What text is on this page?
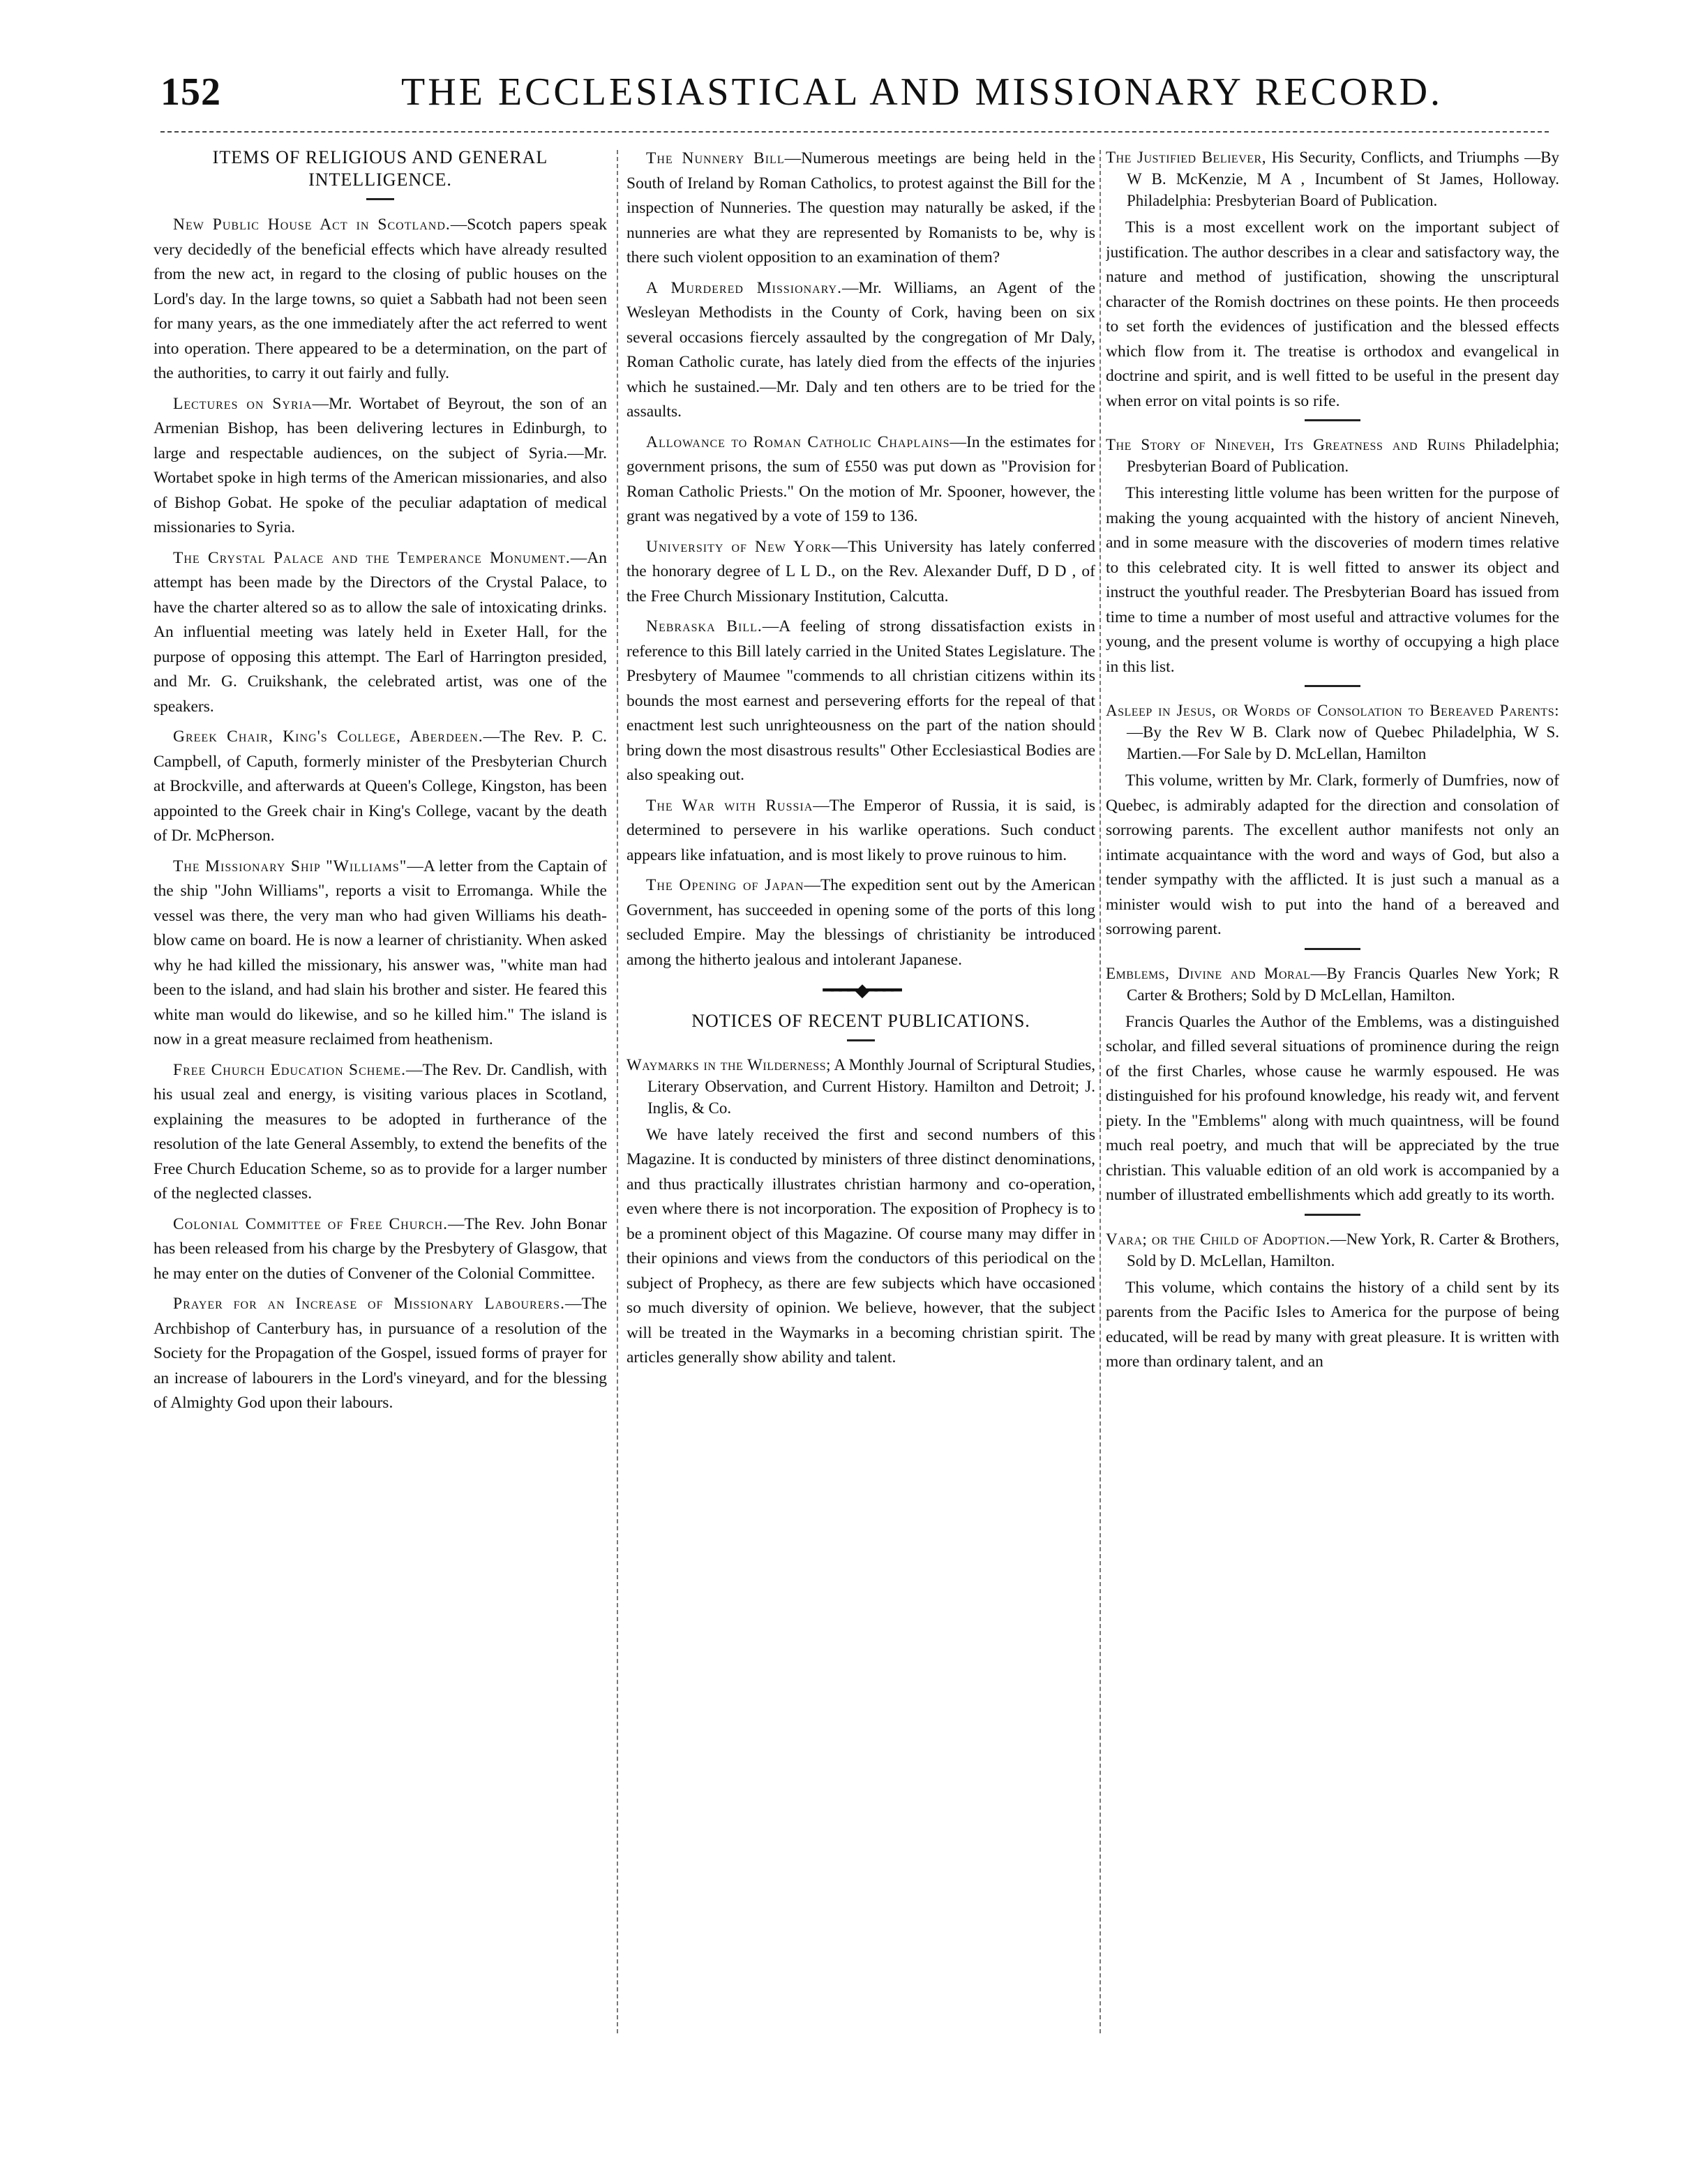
152	THE ECCLESIASTICAL AND MISSIONARY RECORD.
ITEMS OF RELIGIOUS AND GENERAL
INTELLIGENCE.

New Public House Act in Scotland.—Scotch papers speak very decidedly of the beneficial effects which have already resulted from the new act, in regard to the closing of public houses on the Lord's day. In the large towns, so quiet a Sabbath had not been seen for many years, as the one immediately after the act referred to went into operation. There appeared to be a determination, on the part of the authorities, to carry it out fairly and fully.

Lectures on Syria—Mr. Wortabet of Beyrout, the son of an Armenian Bishop, has been delivering lectures in Edinburgh, to large and respectable audiences, on the subject of Syria.—Mr. Wortabet spoke in high terms of the American missionaries, and also of Bishop Gobat. He spoke of the peculiar adaptation of medical missionaries to Syria.

The Crystal Palace and the Temperance Monument.—An attempt has been made by the Directors of the Crystal Palace, to have the charter altered so as to allow the sale of intoxicating drinks. An influential meeting was lately held in Exeter Hall, for the purpose of opposing this attempt. The Earl of Harrington presided, and Mr. G. Cruikshank, the celebrated artist, was one of the speakers.

Greek Chair, King's College, Aberdeen.—The Rev. P. C. Campbell, of Caputh, formerly minister of the Presbyterian Church at Brockville, and afterwards at Queen's College, Kingston, has been appointed to the Greek chair in King's College, vacant by the death of Dr. McPherson.

The Missionary Ship "Williams"—A letter from the Captain of the ship "John Williams", reports a visit to Erromanga. While the vessel was there, the very man who had given Williams his death-blow came on board. He is now a learner of christianity. When asked why he had killed the missionary, his answer was, "white man had been to the island, and had slain his brother and sister. He feared this white man would do likewise, and so he killed him." The island is now in a great measure reclaimed from heathenism.

Free Church Education Scheme.—The Rev. Dr. Candlish, with his usual zeal and energy, is visiting various places in Scotland, explaining the measures to be adopted in furtherance of the resolution of the late General Assembly, to extend the benefits of the Free Church Education Scheme, so as to provide for a larger number of the neglected classes.

Colonial Committee of Free Church.—The Rev. John Bonar has been released from his charge by the Presbytery of Glasgow, that he may enter on the duties of Convener of the Colonial Committee.

Prayer for an Increase of Missionary Labourers.—The Archbishop of Canterbury has, in pursuance of a resolution of the Society for the Propagation of the Gospel, issued forms of prayer for an increase of labourers in the Lord's vineyard, and for the blessing of Almighty God upon their labours.

The Nunnery Bill—Numerous meetings are being held in the South of Ireland by Roman Catholics, to protest against the Bill for the inspection of Nunneries. The question may naturally be asked, if the nunneries are what they are represented by Romanists to be, why is there such violent opposition to an examination of them?

A Murdered Missionary.—Mr. Williams, an Agent of the Wesleyan Methodists in the County of Cork, having been on six several occasions fiercely assaulted by the congregation of Mr Daly, Roman Catholic curate, has lately died from the effects of the injuries which he sustained.—Mr. Daly and ten others are to be tried for the assaults.

Allowance to Roman Catholic Chaplains—In the estimates for government prisons, the sum of £550 was put down as "Provision for Roman Catholic Priests." On the motion of Mr. Spooner, however, the grant was negatived by a vote of 159 to 136.

University of New York—This University has lately conferred the honorary degree of L L D., on the Rev. Alexander Duff, D D , of the Free Church Missionary Institution, Calcutta.

Nebraska Bill.—A feeling of strong dissatisfaction exists in reference to this Bill lately carried in the United States Legislature. The Presbytery of Maumee "commends to all christian citizens within its bounds the most earnest and persevering efforts for the repeal of that enactment lest such unrighteousness on the part of the nation should bring down the most disastrous results" Other Ecclesiastical Bodies are also speaking out.

The War with Russia—The Emperor of Russia, it is said, is determined to persevere in his warlike operations. Such conduct appears like infatuation, and is most likely to prove ruinous to him.

The Opening of Japan—The expedition sent out by the American Government, has succeeded in opening some of the ports of this long secluded Empire. May the blessings of christianity be introduced among the hitherto jealous and intolerant Japanese.

━━━━◆━━━━
NOTICES OF RECENT PUBLICATIONS.
Waymarks in the Wilderness; A Monthly Journal of Scriptural Studies, Literary Observation, and Current History. Hamilton and Detroit; J. Inglis, & Co.

We have lately received the first and second numbers of this Magazine. It is conducted by ministers of three distinct denominations, and thus practically illustrates christian harmony and co-operation, even where there is not incorporation. The exposition of Prophecy is to be a prominent object of this Magazine. Of course many may differ in their opinions and views from the conductors of this periodical on the subject of Prophecy, as there are few subjects which have occasioned so much diversity of opinion. We believe, however, that the subject will be treated in the Waymarks in a becoming christian spirit. The articles generally show ability and talent.

The Justified Believer, His Security, Conflicts, and Triumphs —By W B. McKenzie, M A , Incumbent of St James, Holloway. Philadelphia: Presbyterian Board of Publication.

This is a most excellent work on the important subject of justification. The author describes in a clear and satisfactory way, the nature and method of justification, showing the unscriptural character of the Romish doctrines on these points. He then proceeds to set forth the evidences of justification and the blessed effects which flow from it. The treatise is orthodox and evangelical in doctrine and spirit, and is well fitted to be useful in the present day when error on vital points is so rife.

The Story of Nineveh, Its Greatness and Ruins Philadelphia; Presbyterian Board of Publication.

This interesting little volume has been written for the purpose of making the young acquainted with the history of ancient Nineveh, and in some measure with the discoveries of modern times relative to this celebrated city. It is well fitted to answer its object and instruct the youthful reader. The Presbyterian Board has issued from time to time a number of most useful and attractive volumes for the young, and the present volume is worthy of occupying a high place in this list.

Asleep in Jesus, or Words of Consolation to Bereaved Parents:—By the Rev W B. Clark now of Quebec Philadelphia, W S. Martien.—For Sale by D. McLellan, Hamilton

This volume, written by Mr. Clark, formerly of Dumfries, now of Quebec, is admirably adapted for the direction and consolation of sorrowing parents. The excellent author manifests not only an intimate acquaintance with the word and ways of God, but also a tender sympathy with the afflicted. It is just such a manual as a minister would wish to put into the hand of a bereaved and sorrowing parent.

Emblems, Divine and Moral—By Francis Quarles New York; R Carter & Brothers; Sold by D McLellan, Hamilton.

Francis Quarles the Author of the Emblems, was a distinguished scholar, and filled several situations of prominence during the reign of the first Charles, whose cause he warmly espoused. He was distinguished for his profound knowledge, his ready wit, and fervent piety. In the "Emblems" along with much quaintness, will be found much real poetry, and much that will be appreciated by the true christian. This valuable edition of an old work is accompanied by a number of illustrated embellishments which add greatly to its worth.

Vara; or the Child of Adoption.—New York, R. Carter & Brothers, Sold by D. McLellan, Hamilton.

This volume, which contains the history of a child sent by its parents from the Pacific Isles to America for the purpose of being educated, will be read by many with great pleasure. It is written with more than ordinary talent, and an
